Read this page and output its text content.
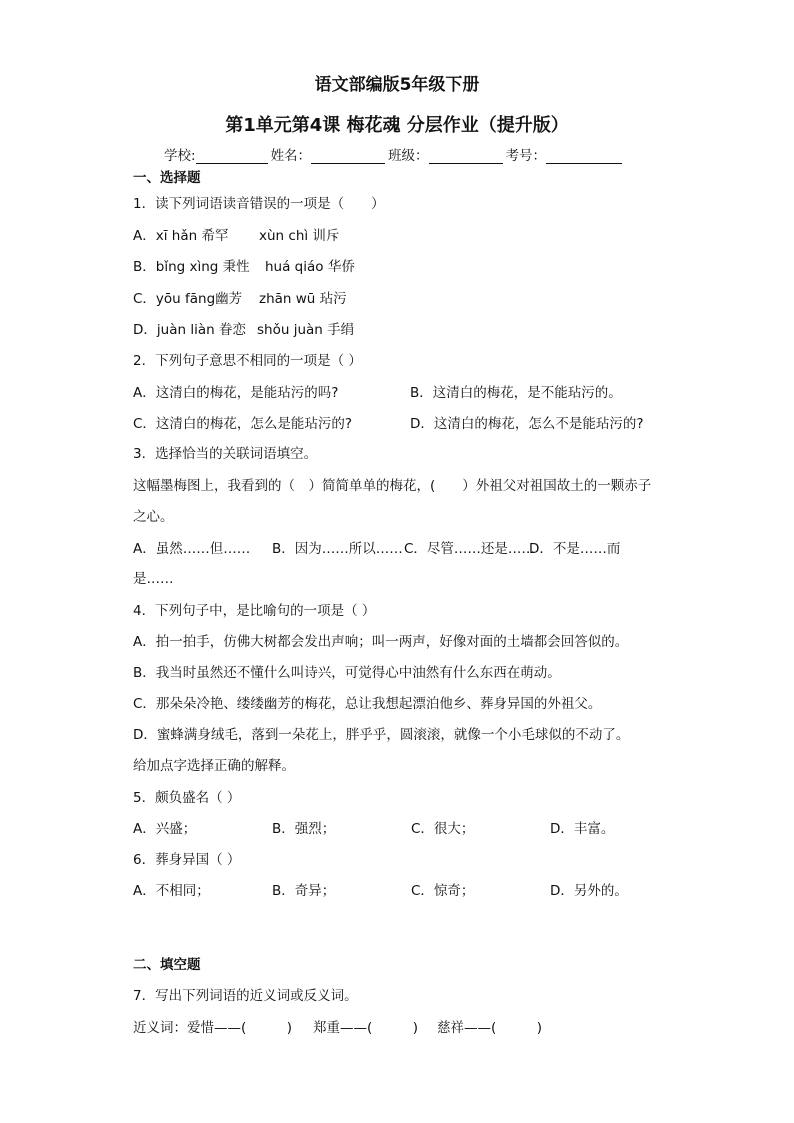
语文部编版5年级下册
第1单元第4课 梅花魂 分层作业（提升版）
学校:	姓名：	班级：	考号：
一、选择题
1．读下列词语读音错误的一项是（　　）
A．xī hǎn 希罕 xùn chì 训斥
B．bǐng xìng 秉性 huá qiáo 华侨
C．yōu fāng幽芳 zhān wū 玷污
D．juàn liàn 眷恋 shǒu juàn 手绢
2．下列句子意思不相同的一项是（ ）
A．这清白的梅花，是能玷污的吗?	B．这清白的梅花，是不能玷污的。
C．这清白的梅花，怎么是能玷污的?	D．这清白的梅花，怎么不是能玷污的?
3．选择恰当的关联词语填空。
这幅墨梅图上，我看到的（　）简简单单的梅花，(　　）外祖父对祖国故土的一颗赤子
之心。
A．虽然……但…… B．因为……所以……C．尽管……还是……D．不是……而
是……
4．下列句子中，是比喻句的一项是（ ）
A．拍一拍手，仿佛大树都会发出声响；叫一两声，好像对面的土墙都会回答似的。
B．我当时虽然还不懂什么叫诗兴，可觉得心中油然有什么东西在萌动。
C．那朵朵冷艳、缕缕幽芳的梅花，总让我想起漂泊他乡、葬身异国的外祖父。
D．蜜蜂满身绒毛，落到一朵花上，胖乎乎，圆滚滚，就像一个小毛球似的不动了。
给加点字选择正确的解释。
5．颇负盛名（ ）
A．兴盛；	B．强烈；	C．很大；	D．丰富。
6．葬身异国（ ）
A．不相同；	B．奇异；	C．惊奇；	D．另外的。
二、填空题
7．写出下列词语的近义词或反义词。
近义词：爱惜——(　　　) 郑重——(　　　) 慈祥——(　　　)
